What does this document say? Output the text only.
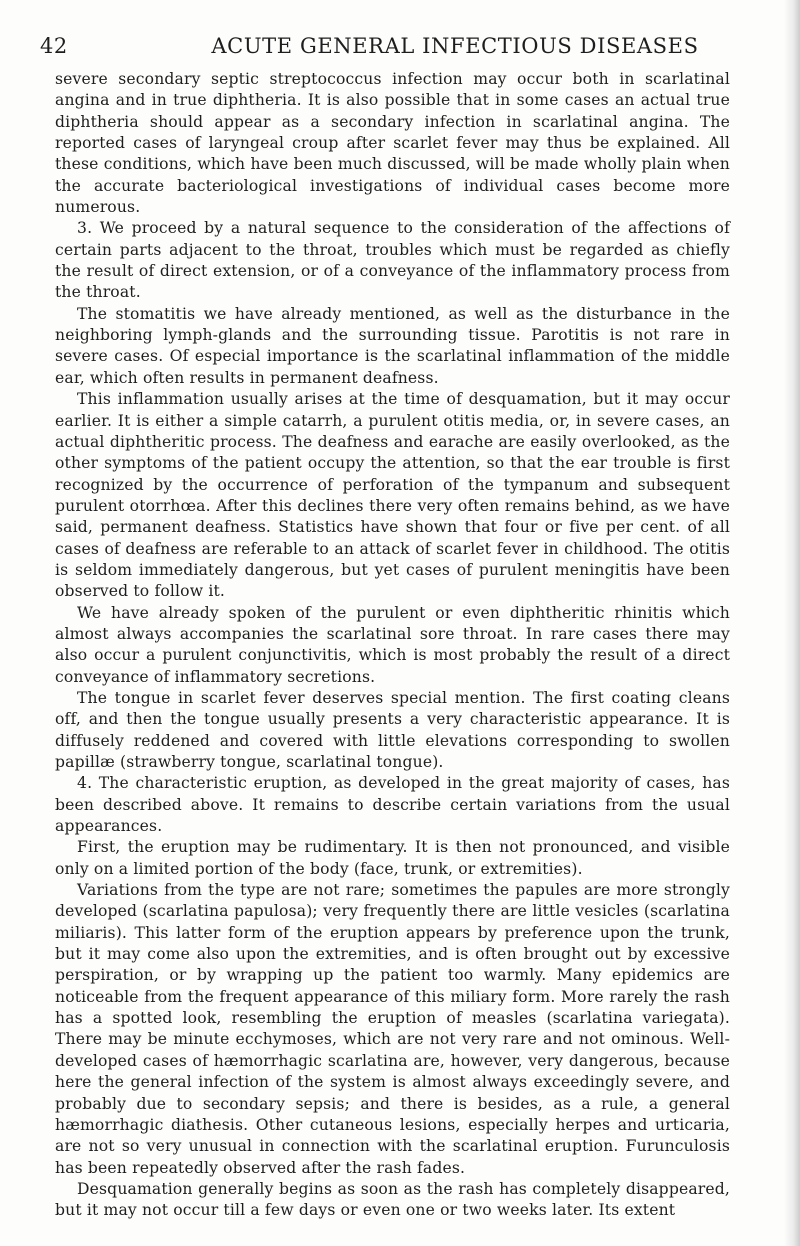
42	ACUTE GENERAL INFECTIOUS DISEASES

severe secondary septic streptococcus infection may occur both in scarlatinal angina and in true diphtheria. It is also possible that in some cases an actual true diphtheria should appear as a secondary infection in scarlatinal angina. The reported cases of laryngeal croup after scarlet fever may thus be explained. All these conditions, which have been much discussed, will be made wholly plain when the accurate bacteriological investigations of individual cases become more numerous.

3. We proceed by a natural sequence to the consideration of the affections of certain parts adjacent to the throat, troubles which must be regarded as chiefly the result of direct extension, or of a conveyance of the inflammatory process from the throat.

The stomatitis we have already mentioned, as well as the disturbance in the neighboring lymph-glands and the surrounding tissue. Parotitis is not rare in severe cases. Of especial importance is the scarlatinal inflammation of the middle ear, which often results in permanent deafness.

This inflammation usually arises at the time of desquamation, but it may occur earlier. It is either a simple catarrh, a purulent otitis media, or, in severe cases, an actual diphtheritic process. The deafness and earache are easily overlooked, as the other symptoms of the patient occupy the attention, so that the ear trouble is first recognized by the occurrence of perforation of the tympanum and subsequent purulent otorrhœa. After this declines there very often remains behind, as we have said, permanent deafness. Statistics have shown that four or five per cent. of all cases of deafness are referable to an attack of scarlet fever in childhood. The otitis is seldom immediately dangerous, but yet cases of purulent meningitis have been observed to follow it.

We have already spoken of the purulent or even diphtheritic rhinitis which almost always accompanies the scarlatinal sore throat. In rare cases there may also occur a purulent conjunctivitis, which is most probably the result of a direct conveyance of inflammatory secretions.

The tongue in scarlet fever deserves special mention. The first coating cleans off, and then the tongue usually presents a very characteristic appearance. It is diffusely reddened and covered with little elevations corresponding to swollen papillæ (strawberry tongue, scarlatinal tongue).

4. The characteristic eruption, as developed in the great majority of cases, has been described above. It remains to describe certain variations from the usual appearances.

First, the eruption may be rudimentary. It is then not pronounced, and visible only on a limited portion of the body (face, trunk, or extremities).

Variations from the type are not rare; sometimes the papules are more strongly developed (scarlatina papulosa); very frequently there are little vesicles (scarlatina miliaris). This latter form of the eruption appears by preference upon the trunk, but it may come also upon the extremities, and is often brought out by excessive perspiration, or by wrapping up the patient too warmly. Many epidemics are noticeable from the frequent appearance of this miliary form. More rarely the rash has a spotted look, resembling the eruption of measles (scarlatina variegata). There may be minute ecchymoses, which are not very rare and not ominous. Well-developed cases of hæmorrhagic scarlatina are, however, very dangerous, because here the general infection of the system is almost always exceedingly severe, and probably due to secondary sepsis; and there is besides, as a rule, a general hæmorrhagic diathesis. Other cutaneous lesions, especially herpes and urticaria, are not so very unusual in connection with the scarlatinal eruption. Furunculosis has been repeatedly observed after the rash fades.

Desquamation generally begins as soon as the rash has completely disappeared, but it may not occur till a few days or even one or two weeks later. Its extent
